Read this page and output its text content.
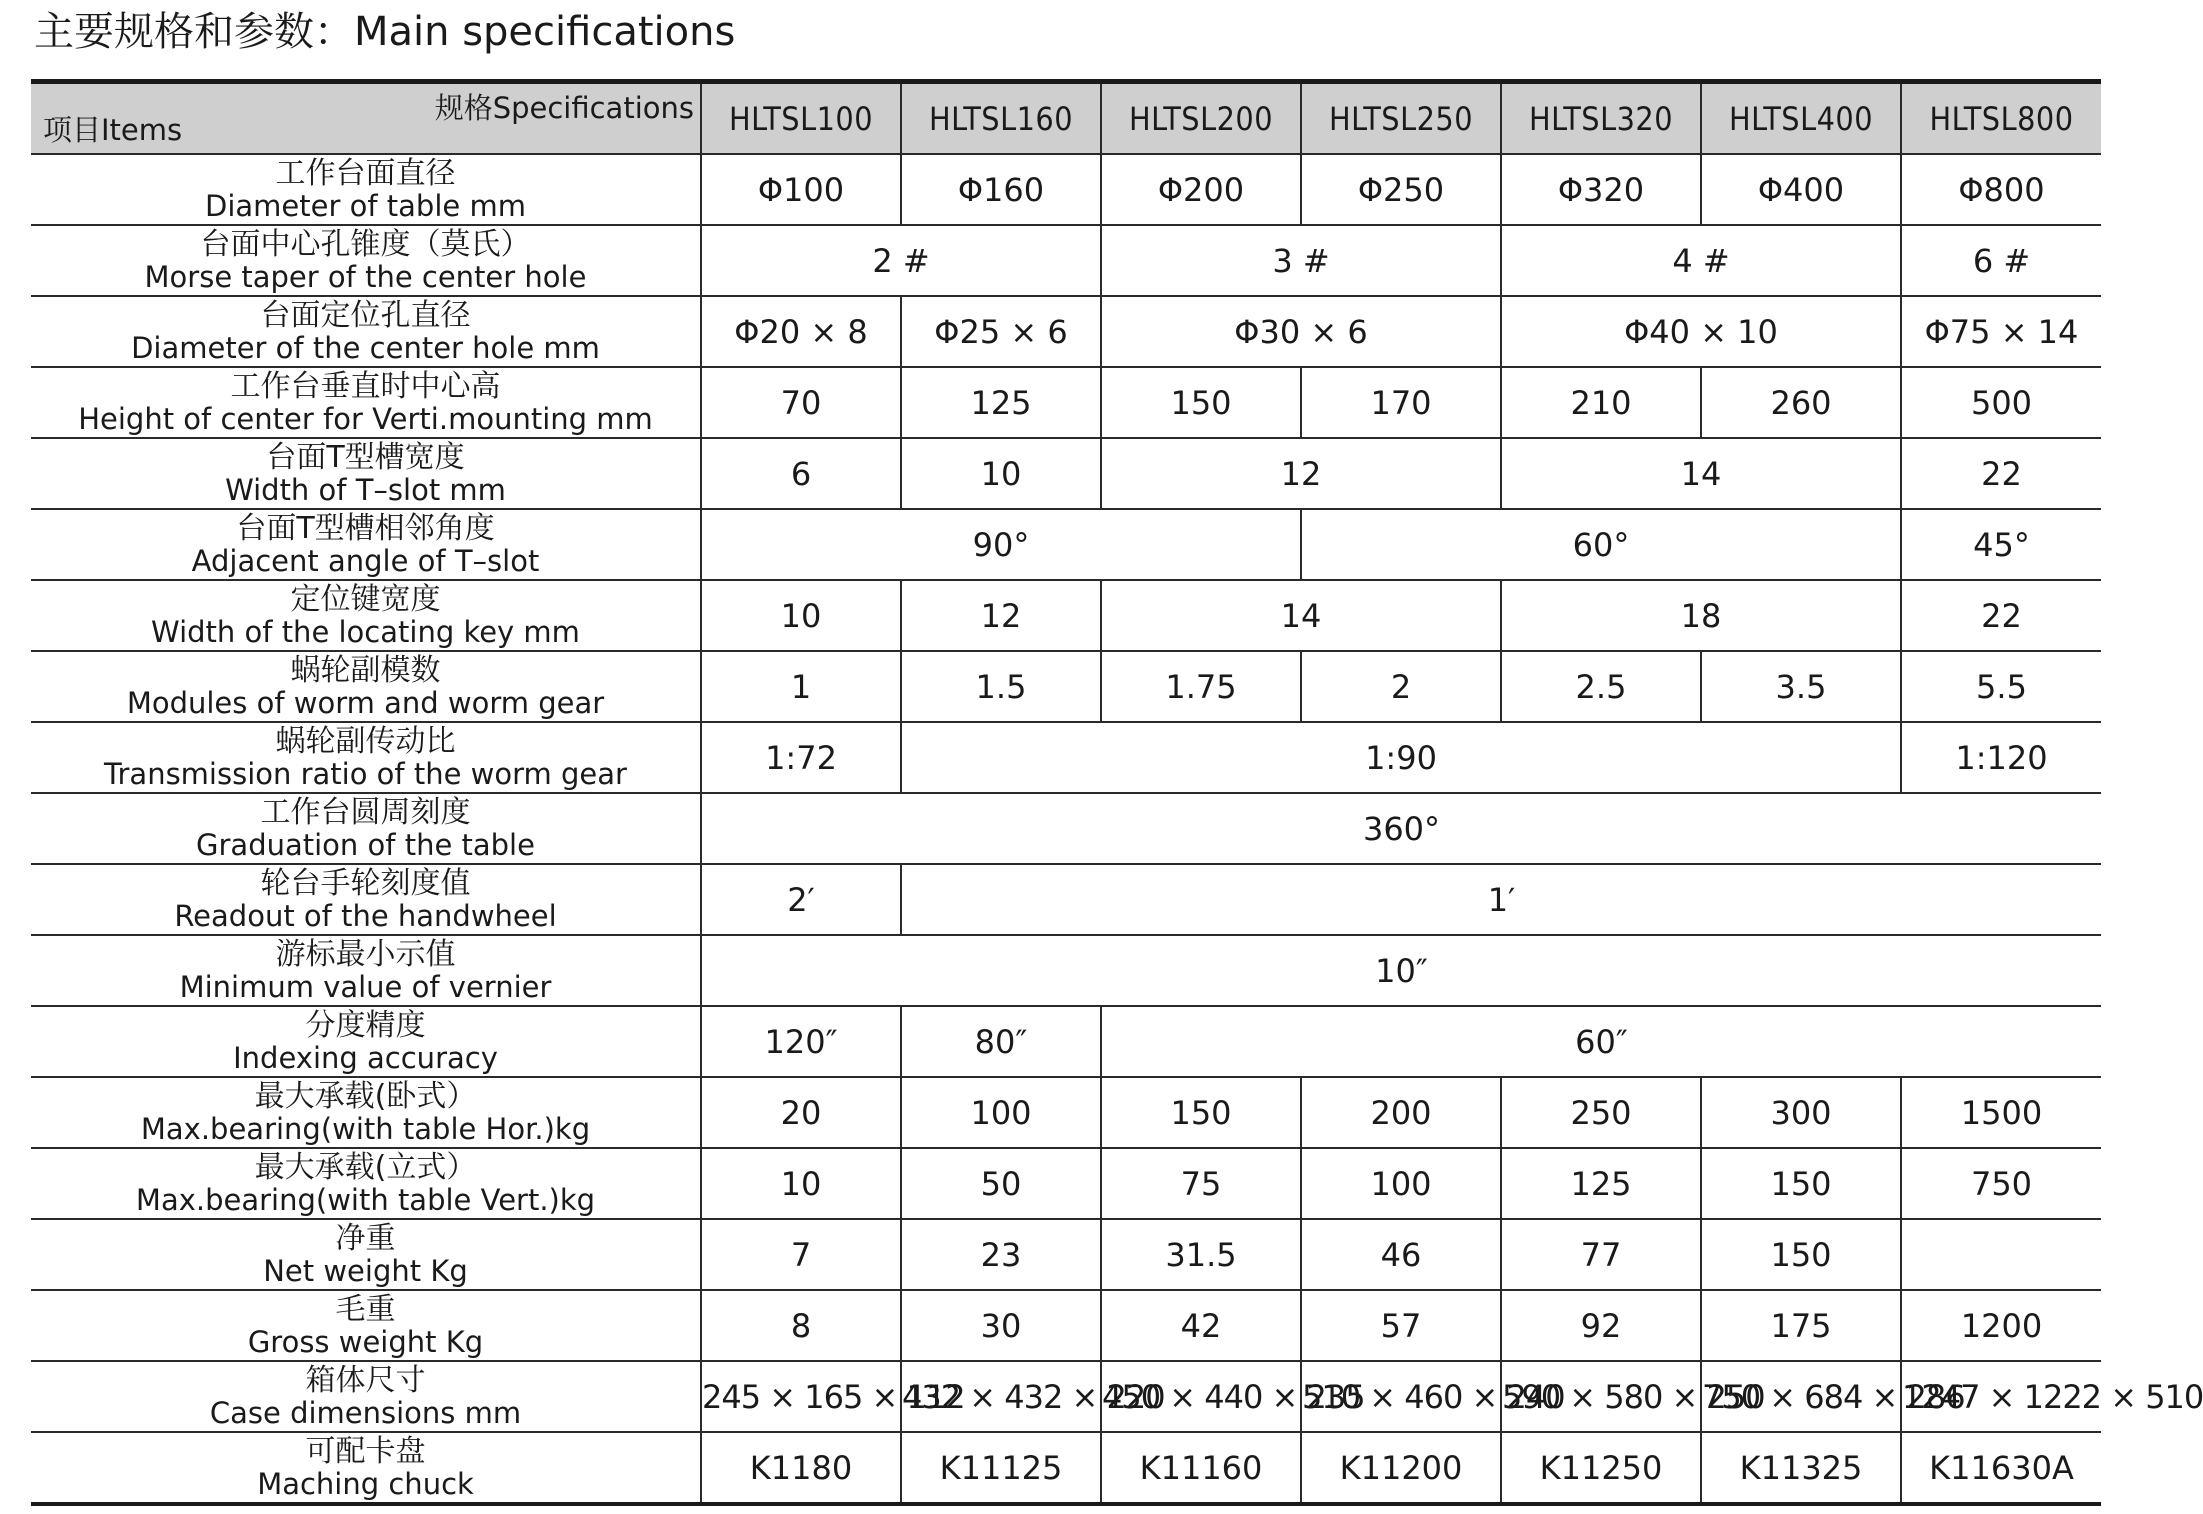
主要规格和参数：Main specifications
规格Specifications
项目Items	HLTSL100	HLTSL160	HLTSL200	HLTSL250	HLTSL320	HLTSL400	HLTSL800

工作台面直径
Diameter of table mm	Φ100	Φ160	Φ200	Φ250	Φ320	Φ400	Φ800

台面中心孔锥度（莫氏）
Morse taper of the center hole	2 #		3 #		4 #		6 #

台面定位孔直径
Diameter of the center hole mm	Φ20 × 8	Φ25 × 6	Φ30 × 6		Φ40 × 10		Φ75 × 14

工作台垂直时中心高
Height of center for Verti.mounting mm	70	125	150	170	210	260	500

台面T型槽宽度
Width of T–slot mm	6	10	12		14		22

台面T型槽相邻角度
Adjacent angle of T–slot	90°			60°			45°

定位键宽度
Width of the locating key mm	10	12	14		18		22

蜗轮副模数
Modules of worm and worm gear	1	1.5	1.75	2	2.5	3.5	5.5

蜗轮副传动比
Transmission ratio of the worm gear	1:72	1:90					1:120

工作台圆周刻度
Graduation of the table	360°						

轮台手轮刻度值
Readout of the handwheel	2′	1′					

游标最小示值
Minimum value of vernier	10″						

分度精度
Indexing accuracy	120″	80″	60″				

最大承载(卧式）
Max.bearing(with table Hor.)kg	20	100	150	200	250	300	1500

最大承载(立式）
Max.bearing(with table Vert.)kg	10	50	75	100	125	150	750

净重
Net weight Kg	7	23	31.5	46	77	150	

毛重
Gross weight Kg	8	30	42	57	92	175	1200

箱体尺寸
Case dimensions mm	245 × 165 × 112	432 × 432 × 220	450 × 440 × 235	510 × 460 × 240	590 × 580 × 250	750 × 684 × 286	1247 × 1222 × 510

可配卡盘
Maching chuck	K1180	K11125	K11160	K11200	K11250	K11325	K11630A
